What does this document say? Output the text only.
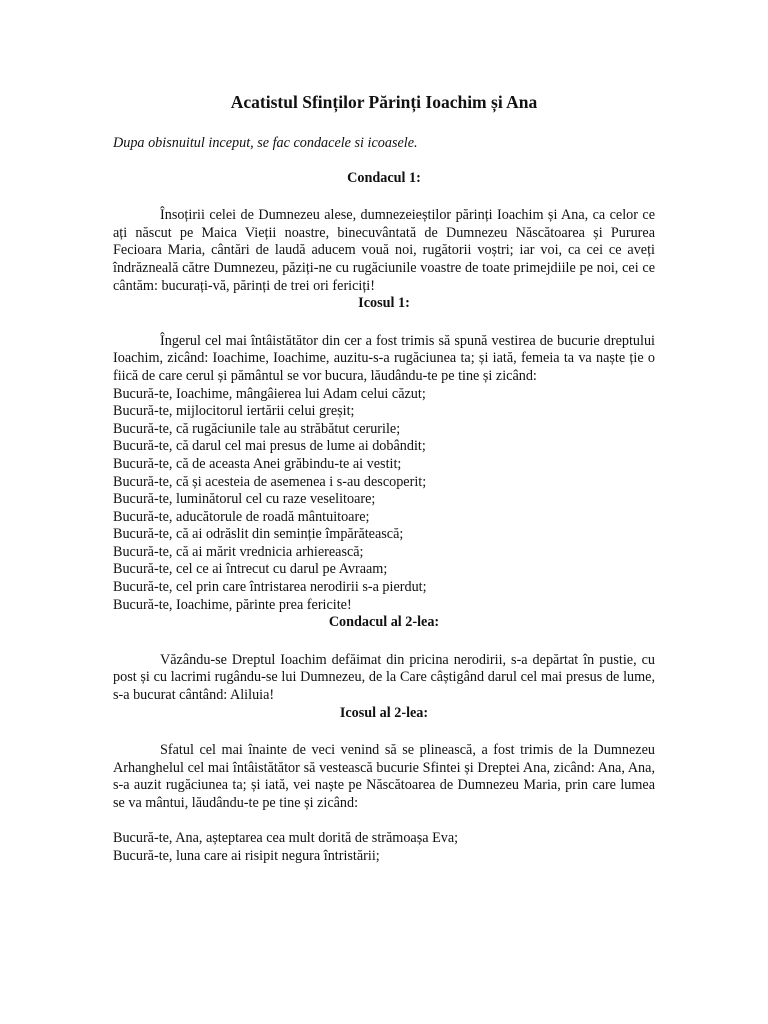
Acatistul Sfinților Părinți Ioachim și Ana

Dupa obisnuitul inceput, se fac condacele si icoasele.

Condacul 1:

Însoțirii celei de Dumnezeu alese, dumnezeieștilor părinți Ioachim și Ana, ca celor ce ați născut pe Maica Vieții noastre, binecuvântată de Dumnezeu Născătoarea și Pururea Fecioara Maria, cântări de laudă aducem vouă noi, rugătorii voștri; iar voi, ca cei ce aveți îndrăzneală către Dumnezeu, păziți-ne cu rugăciunile voastre de toate primejdiile pe noi, cei ce cântăm: bucurați-vă, părinți de trei ori fericiți!

Icosul 1:

Îngerul cel mai întâistătător din cer a fost trimis să spună vestirea de bucurie dreptului Ioachim, zicând: Ioachime, Ioachime, auzitu-s-a rugăciunea ta; și iată, femeia ta va naște ție o fiică de care cerul și pământul se vor bucura, lăudându-te pe tine și zicând:

Bucură-te, Ioachime, mângâierea lui Adam celui căzut;
Bucură-te, mijlocitorul iertării celui greșit;
Bucură-te, că rugăciunile tale au străbătut cerurile;
Bucură-te, că darul cel mai presus de lume ai dobândit;
Bucură-te, că de aceasta Anei grăbindu-te ai vestit;
Bucură-te, că și acesteia de asemenea i s-au descoperit;
Bucură-te, luminătorul cel cu raze veselitoare;
Bucură-te, aducătorule de roadă mântuitoare;
Bucură-te, că ai odrăslit din seminție împărătească;
Bucură-te, că ai mărit vrednicia arhierească;
Bucură-te, cel ce ai întrecut cu darul pe Avraam;
Bucură-te, cel prin care întristarea nerodirii s-a pierdut;
Bucură-te, Ioachime, părinte prea fericite!
Condacul al 2-lea:

Văzându-se Dreptul Ioachim defăimat din pricina nerodirii, s-a depărtat în pustie, cu post și cu lacrimi rugându-se lui Dumnezeu, de la Care câștigând darul cel mai presus de lume, s-a bucurat cântând: Aliluia!

Icosul al 2-lea:

Sfatul cel mai înainte de veci venind să se plinească, a fost trimis de la Dumnezeu Arhanghelul cel mai întâistătător să vestească bucurie Sfintei și Dreptei Ana, zicând: Ana, Ana, s-a auzit rugăciunea ta; și iată, vei naște pe Născătoarea de Dumnezeu Maria, prin care lumea se va mântui, lăudându-te pe tine și zicând:

Bucură-te, Ana, așteptarea cea mult dorită de strămoașa Eva;
Bucură-te, luna care ai risipit negura întristării;
